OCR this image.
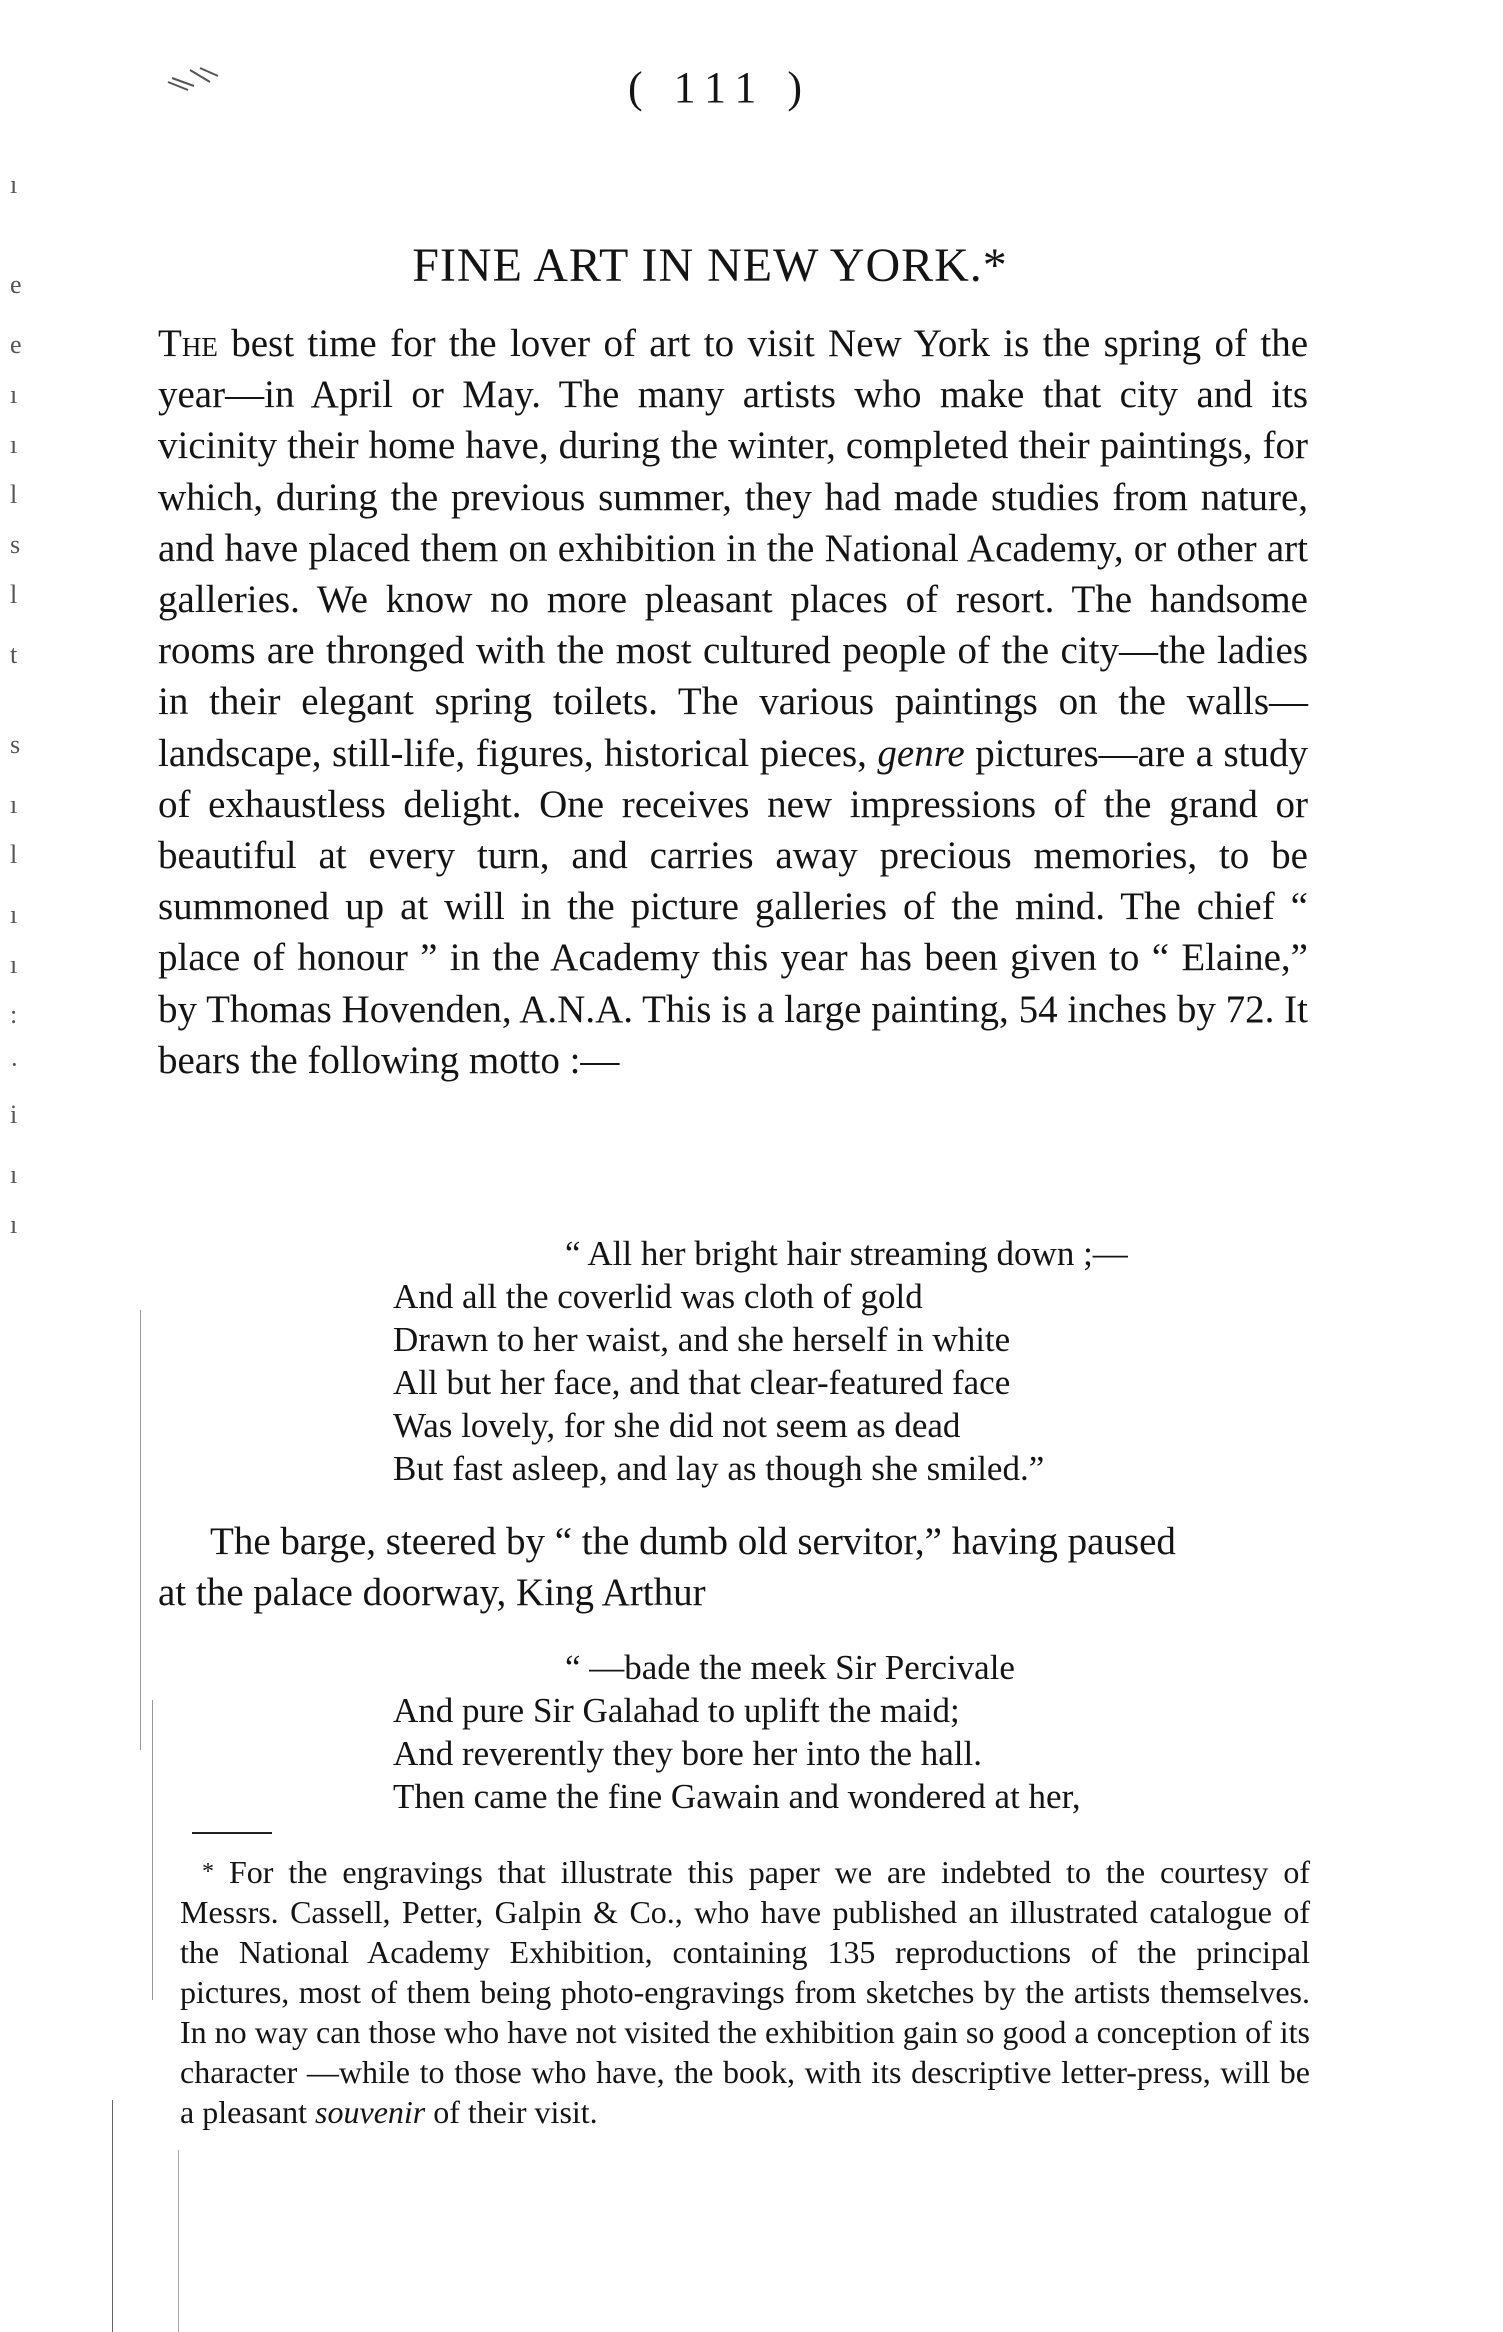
ı
e
e
ı
ı
l
s
l
t
s
ı
l
ı
ı
:
·
i
ı
ı
( 111 )
FINE ART IN NEW YORK.*

The best time for the lover of art to visit New York is the spring of the year—in April or May. The many artists who make that city and its vicinity their home have, during the winter, completed their paintings, for which, during the previous summer, they had made studies from nature, and have placed them on exhibition in the National Academy, or other art galleries. We know no more pleasant places of resort. The handsome rooms are thronged with the most cultured people of the city—the ladies in their elegant spring toilets. The various paintings on the walls—landscape, still-life, figures, historical pieces, genre pictures—are a study of exhaustless delight. One receives new impressions of the grand or beautiful at every turn, and carries away precious memories, to be summoned up at will in the picture galleries of the mind. The chief “ place of honour ” in the Academy this year has been given to “ Elaine,” by Thomas Hovenden, A.N.A. This is a large painting, 54 inches by 72. It bears the following motto :—

“ All her bright hair streaming down ;—
And all the coverlid was cloth of gold
Drawn to her waist, and she herself in white
All but her face, and that clear-featured face
Was lovely, for she did not seem as dead
But fast asleep, and lay as though she smiled.”

The barge, steered by “ the dumb old servitor,” having paused

at the palace doorway, King Arthur

“ —bade the meek Sir Percivale
And pure Sir Galahad to uplift the maid;
And reverently they bore her into the hall.
Then came the fine Gawain and wondered at her,

* For the engravings that illustrate this paper we are indebted to the courtesy of Messrs. Cassell, Petter, Galpin & Co., who have published an illustrated catalogue of the National Academy Exhibition, containing 135 reproductions of the principal pictures, most of them being photo-engravings from sketches by the artists themselves. In no way can those who have not visited the exhibition gain so good a conception of its character —while to those who have, the book, with its descriptive letter-press, will be a pleasant souvenir of their visit.
